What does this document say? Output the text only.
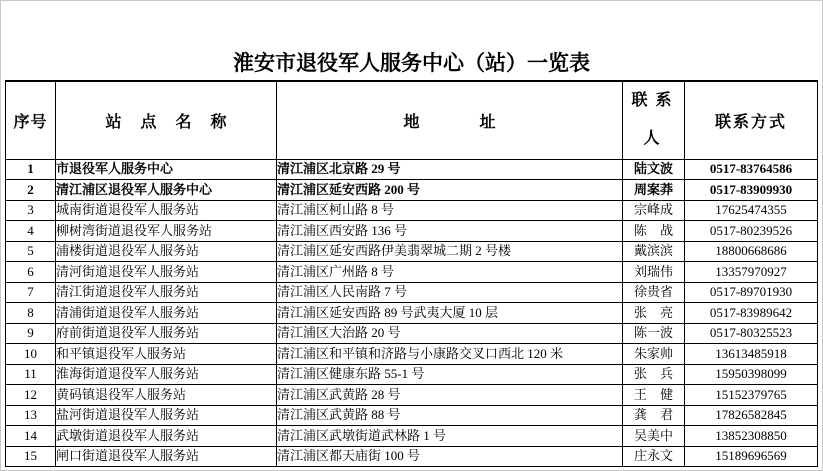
淮安市退役军人服务中心（站）一览表
序号	站 点 名 称	地 址	联系人	联系方式
1	市退役军人服务中心	清江浦区北京路 29 号	陆文波	0517-83764586
2	清江浦区退役军人服务中心	清江浦区延安西路 200 号	周案莽	0517-83909930
3	城南街道退役军人服务站	清江浦区柯山路 8 号	宗峰成	17625474355
4	柳树湾街道退役军人服务站	清江浦区西安路 136 号	陈 战	0517-80239526
5	浦楼街道退役军人服务站	清江浦区延安西路伊美翡翠城二期 2 号楼	戴滨滨	18800668686
6	清河街道退役军人服务站	清江浦区广州路 8 号	刘瑞伟	13357970927
7	清江街道退役军人服务站	清江浦区人民南路 7 号	徐贵省	0517-89701930
8	清浦街道退役军人服务站	清江浦区延安西路 89 号武夷大厦 10 层	张 亮	0517-83989642
9	府前街道退役军人服务站	清江浦区大治路 20 号	陈一波	0517-80325523
10	和平镇退役军人服务站	清江浦区和平镇和济路与小康路交叉口西北 120 米	朱家帅	13613485918
11	淮海街道退役军人服务站	清江浦区健康东路 55-1 号	张 兵	15950398099
12	黄码镇退役军人服务站	清江浦区武黄路 28 号	王 健	15152379765
13	盐河街道退役军人服务站	清江浦区武黄路 88 号	龚 君	17826582845
14	武墩街道退役军人服务站	清江浦区武墩街道武林路 1 号	吴美中	13852308850
15	闸口街道退役军人服务站	清江浦区都天庙街 100 号	庄永文	15189696569
